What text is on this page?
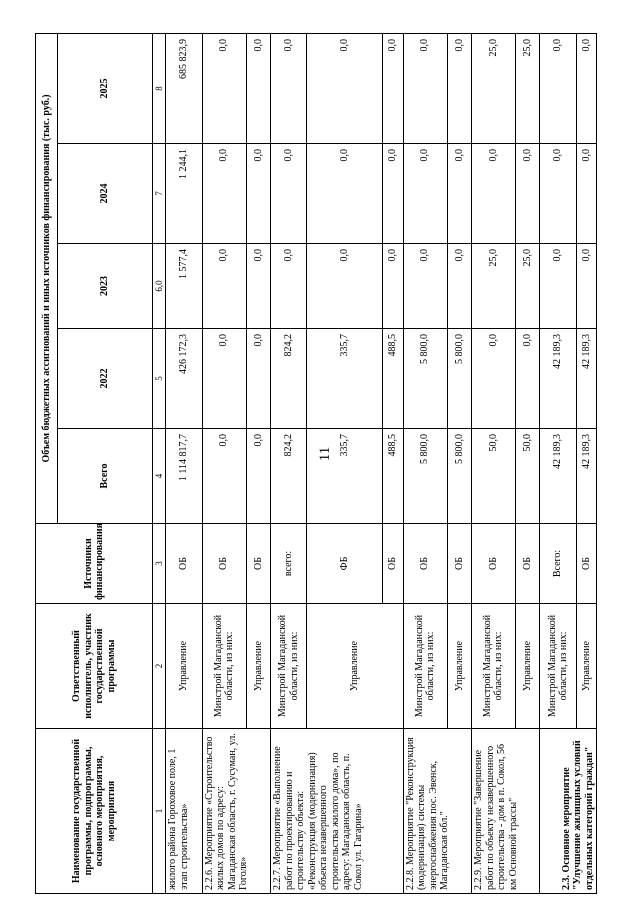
11
Наименование государственной программы, подпрограммы, основного мероприятия, мероприятия	Ответственный исполнитель, участник государственной программы	Источники финансирования	Объем бюджетных ассигнований и иных источников финансирования (тыс. руб.)				
			Всего	2022	2023	2024	2025
1	2	3	4	5	6,0	7	8
жилого района Гороховое поле, 1 этап строительства»	Управление	ОБ	1 114 817,7	426 172,3	1 577,4	1 244,1	685 823,9
2.2.6. Мероприятие «Строительство жилых домов по адресу: Магаданская область, г. Сусуман, ул. Гоголя»	Минстрой Магаданской области, из них:	ОБ	0,0	0,0	0,0	0,0	0,0
	Управление	ОБ	0,0	0,0	0,0	0,0	0,0
2.2.7. Мероприятие «Выполнение работ по проектированию и строительству объекта: «Реконструкция (модернизация) объекта незавершенного строительства жилого дома», по адресу: Магаданская область, п. Сокол ул. Гагарина»	Минстрой Магаданской области, из них:	всего:	824,2	824,2	0,0	0,0	0,0
	Управление	ФБ	335,7	335,7	0,0	0,0	0,0
		ОБ	488,5	488,5	0,0	0,0	0,0
2.2.8. Мероприятие "Реконструкция (модернизация) системы энергоснабжения пос. Эвенск, Магаданская обл."	Минстрой Магаданской области, из них:	ОБ	5 800,0	5 800,0	0,0	0,0	0,0
	Управление	ОБ	5 800,0	5 800,0	0,0	0,0	0,0
2.2.9. Мероприятие "Завершение работ по объекту незавершенного строительства - дом в п. Сокол, 56 км Основной трассы"	Минстрой Магаданской области, из них:	ОБ	50,0	0,0	25,0	0,0	25,0
	Управление	ОБ	50,0	0,0	25,0	0,0	25,0
2.3. Основное мероприятие "Улучшение жилищных условий отдельных категорий граждан"	Минстрой Магаданской области, из них:	Всего:	42 189,3	42 189,3	0,0	0,0	0,0
	Управление	ОБ	42 189,3	42 189,3	0,0	0,0	0,0
